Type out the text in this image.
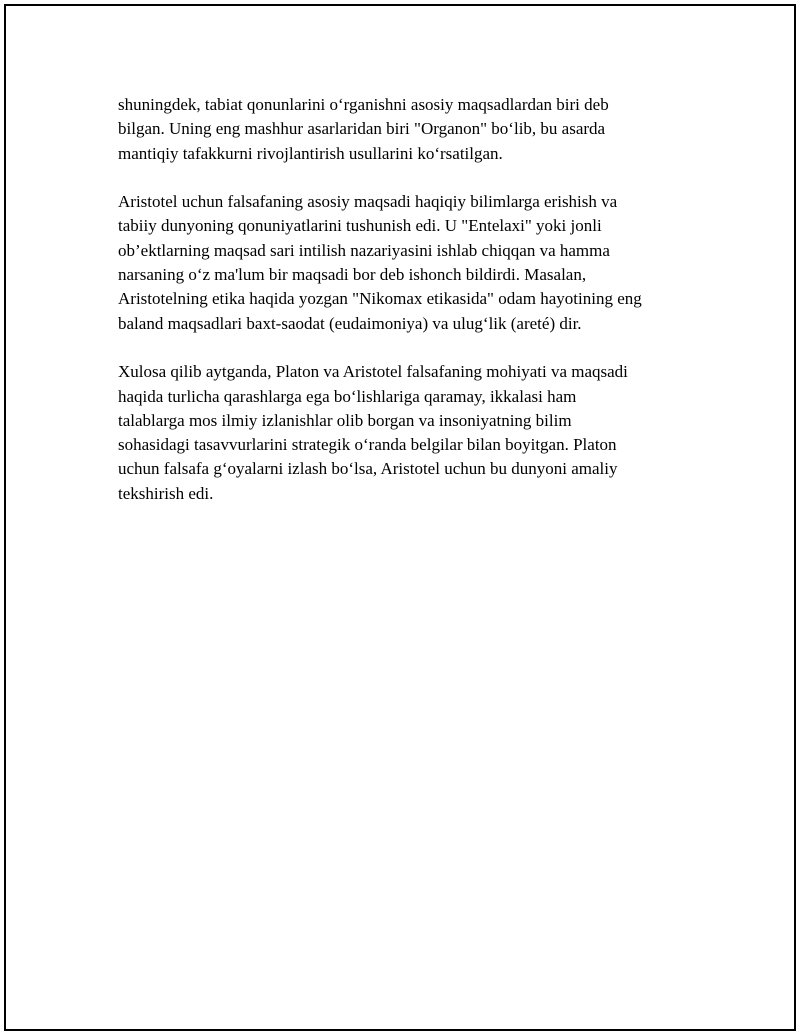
shuningdek, tabiat qonunlarini o‘rganishni asosiy maqsadlardan biri deb
bilgan. Uning eng mashhur asarlaridan biri "Organon" bo‘lib, bu asarda
mantiqiy tafakkurni rivojlantirish usullarini ko‘rsatilgan.

Aristotel uchun falsafaning asosiy maqsadi haqiqiy bilimlarga erishish va
tabiiy dunyoning qonuniyatlarini tushunish edi. U "Entelaxi" yoki jonli
ob’ektlarning maqsad sari intilish nazariyasini ishlab chiqqan va hamma
narsaning o‘z ma'lum bir maqsadi bor deb ishonch bildirdi. Masalan,
Aristotelning etika haqida yozgan "Nikomax etikasida" odam hayotining eng
baland maqsadlari baxt-saodat (eudaimoniya) va ulug‘lik (areté) dir.

Xulosa qilib aytganda, Platon va Aristotel falsafaning mohiyati va maqsadi
haqida turlicha qarashlarga ega bo‘lishlariga qaramay, ikkalasi ham
talablarga mos ilmiy izlanishlar olib borgan va insoniyatning bilim
sohasidagi tasavvurlarini strategik o‘randa belgilar bilan boyitgan. Platon
uchun falsafa g‘oyalarni izlash bo‘lsa, Aristotel uchun bu dunyoni amaliy
tekshirish edi.
